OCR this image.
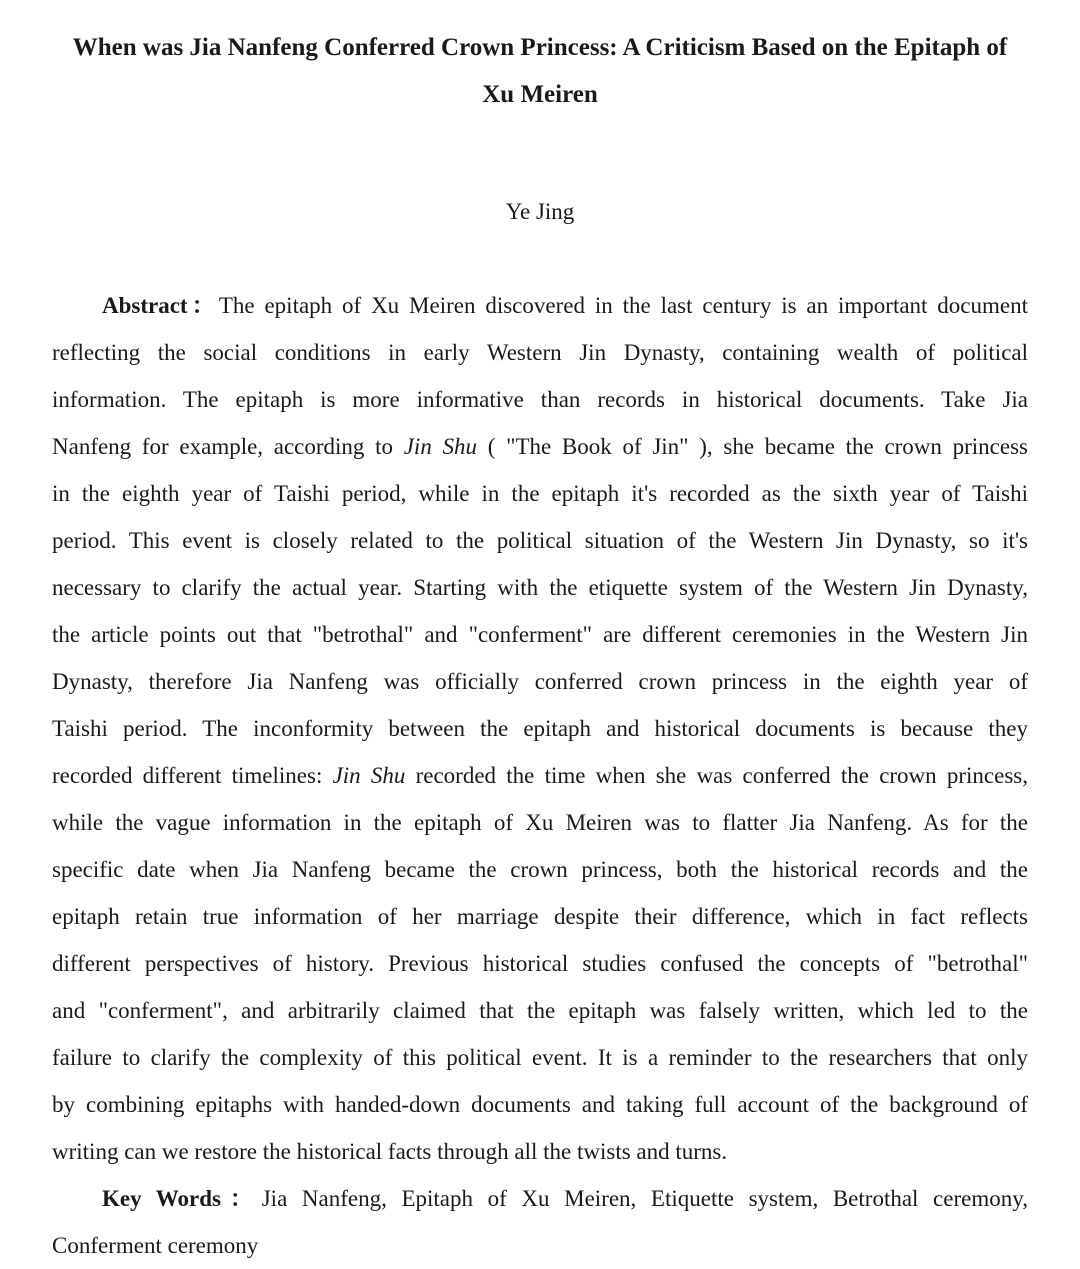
When was Jia Nanfeng Conferred Crown Princess: A Criticism Based on the Epitaph of
Xu Meiren

Ye Jing

Abstract：The epitaph of Xu Meiren discovered in the last century is an important document
reflecting the social conditions in early Western Jin Dynasty, containing wealth of political
information. The epitaph is more informative than records in historical documents. Take Jia
Nanfeng for example, according to Jin Shu ( "The Book of Jin" ), she became the crown princess
in the eighth year of Taishi period, while in the epitaph it's recorded as the sixth year of Taishi
period. This event is closely related to the political situation of the Western Jin Dynasty, so it's
necessary to clarify the actual year. Starting with the etiquette system of the Western Jin Dynasty,
the article points out that "betrothal" and "conferment" are different ceremonies in the Western Jin
Dynasty, therefore Jia Nanfeng was officially conferred crown princess in the eighth year of
Taishi period. The inconformity between the epitaph and historical documents is because they
recorded different timelines: Jin Shu recorded the time when she was conferred the crown princess,
while the vague information in the epitaph of Xu Meiren was to flatter Jia Nanfeng. As for the
specific date when Jia Nanfeng became the crown princess, both the historical records and the
epitaph retain true information of her marriage despite their difference, which in fact reflects
different perspectives of history. Previous historical studies confused the concepts of "betrothal"
and "conferment", and arbitrarily claimed that the epitaph was falsely written, which led to the
failure to clarify the complexity of this political event. It is a reminder to the researchers that only
by combining epitaphs with handed-down documents and taking full account of the background of
writing can we restore the historical facts through all the twists and turns.
Key Words：Jia Nanfeng, Epitaph of Xu Meiren, Etiquette system, Betrothal ceremony,
Conferment ceremony
